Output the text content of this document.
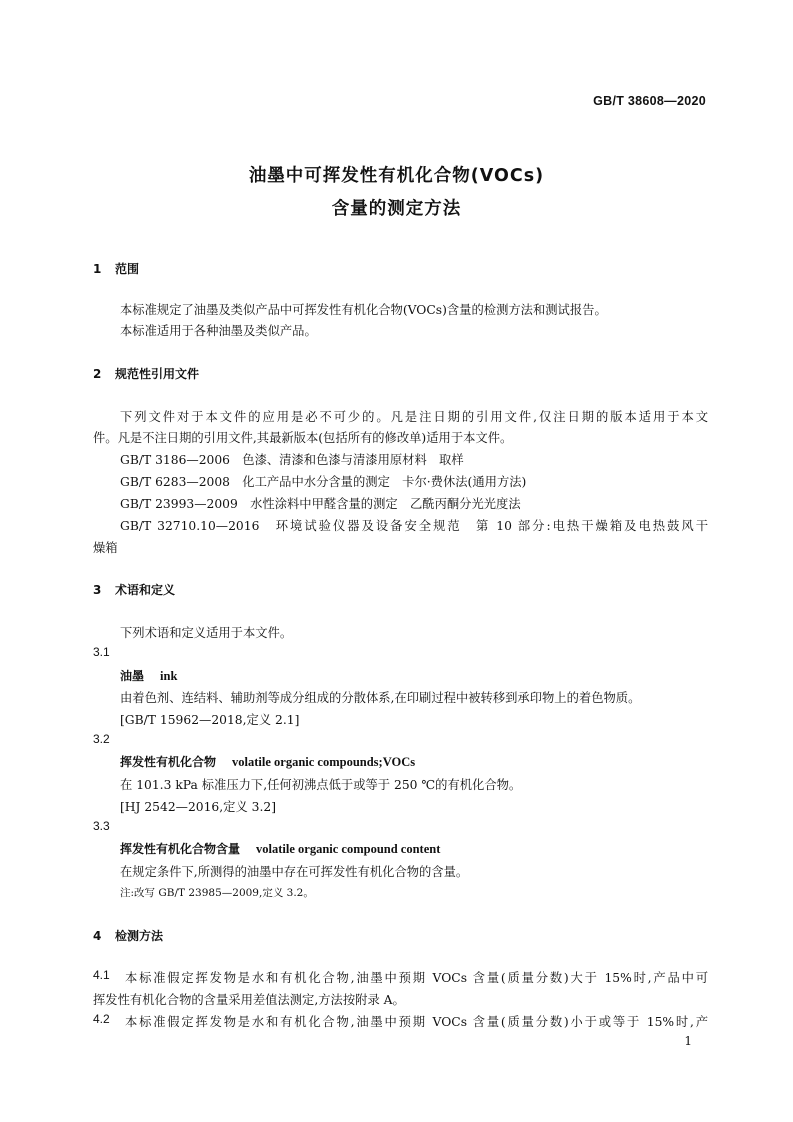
GB/T 38608—2020
油墨中可挥发性有机化合物(VOCs)
含量的测定方法
1 范围
本标准规定了油墨及类似产品中可挥发性有机化合物(VOCs)含量的检测方法和测试报告。
本标准适用于各种油墨及类似产品。
2 规范性引用文件
下列文件对于本文件的应用是必不可少的。凡是注日期的引用文件,仅注日期的版本适用于本文
件。凡是不注日期的引用文件,其最新版本(包括所有的修改单)适用于本文件。
GB/T 3186—2006　色漆、清漆和色漆与清漆用原材料　取样
GB/T 6283—2008　化工产品中水分含量的测定　卡尔·费休法(通用方法)
GB/T 23993—2009　水性涂料中甲醛含量的测定　乙酰丙酮分光光度法
GB/T 32710.10—2016　环境试验仪器及设备安全规范　第 10 部分:电热干燥箱及电热鼓风干
燥箱
3 术语和定义
下列术语和定义适用于本文件。
3.1
油墨 ink
由着色剂、连结料、辅助剂等成分组成的分散体系,在印刷过程中被转移到承印物上的着色物质。
[GB/T 15962—2018,定义 2.1]
3.2
挥发性有机化合物 volatile organic compounds;VOCs
在 101.3 kPa 标准压力下,任何初沸点低于或等于 250 ℃的有机化合物。
[HJ 2542—2016,定义 3.2]
3.3
挥发性有机化合物含量 volatile organic compound content
在规定条件下,所测得的油墨中存在可挥发性有机化合物的含量。
注:改写 GB/T 23985—2009,定义 3.2。
4 检测方法
4.1 本标准假定挥发物是水和有机化合物,油墨中预期 VOCs 含量(质量分数)大于 15%时,产品中可
挥发性有机化合物的含量采用差值法测定,方法按附录 A。
4.2 本标准假定挥发物是水和有机化合物,油墨中预期 VOCs 含量(质量分数)小于或等于 15%时,产
1
